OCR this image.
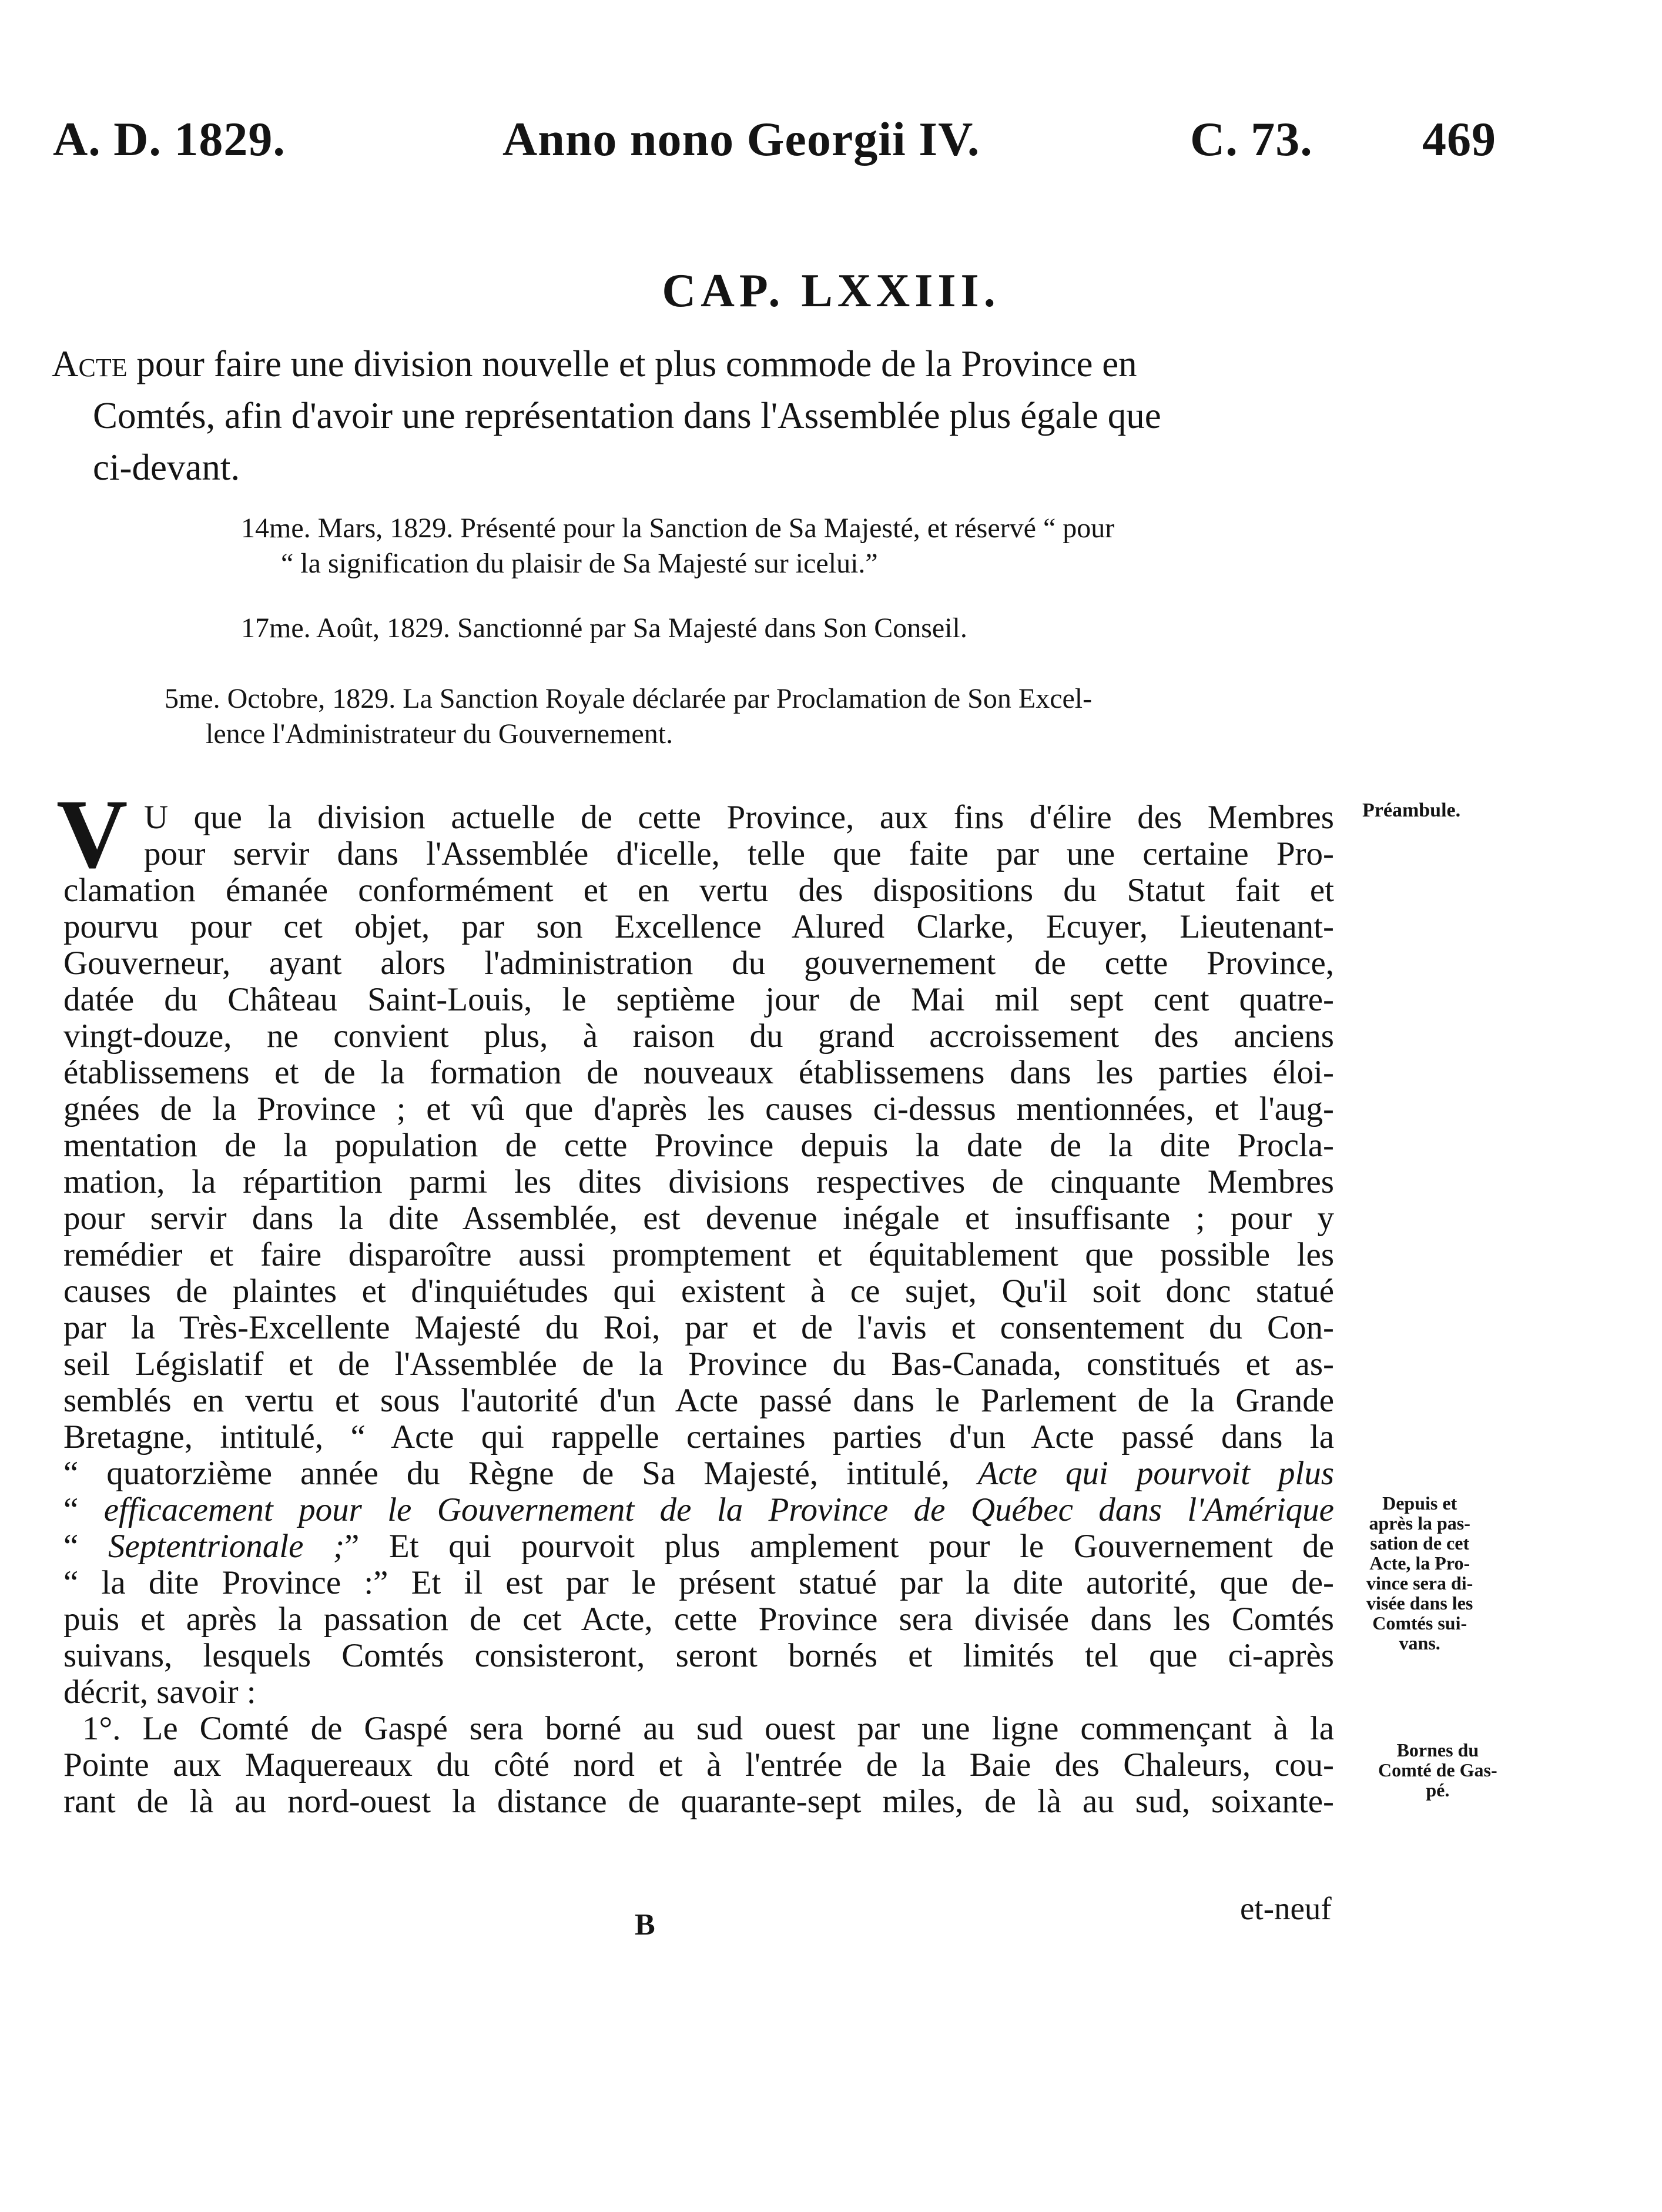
A. D. 1829.	Anno nono Georgii IV.	C. 73. 469
CAP. LXXIII.
Acte pour faire une division nouvelle et plus commode de la Province en
Comtés, afin d'avoir une représentation dans l'Assemblée plus égale que
ci-devant.
14me. Mars, 1829. Présenté pour la Sanction de Sa Majesté, et réservé “ pour
“ la signification du plaisir de Sa Majesté sur icelui.”
17me. Août, 1829. Sanctionné par Sa Majesté dans Son Conseil.
5me. Octobre, 1829. La Sanction Royale déclarée par Proclamation de Son Excel-
lence l'Administrateur du Gouvernement.
V U que la division actuelle de cette Province, aux fins d'élire des Membres

pour servir dans l'Assemblée d'icelle, telle que faite par une certaine Pro-

clamation émanée conformément et en vertu des dispositions du Statut fait et

pourvu pour cet objet, par son Excellence Alured Clarke, Ecuyer, Lieutenant-

Gouverneur, ayant alors l'administration du gouvernement de cette Province,

datée du Château Saint-Louis, le septième jour de Mai mil sept cent quatre-

vingt-douze, ne convient plus, à raison du grand accroissement des anciens

établissemens et de la formation de nouveaux établissemens dans les parties éloi-

gnées de la Province ; et vû que d'après les causes ci-dessus mentionnées, et l'aug-

mentation de la population de cette Province depuis la date de la dite Procla-

mation, la répartition parmi les dites divisions respectives de cinquante Membres

pour servir dans la dite Assemblée, est devenue inégale et insuffisante ; pour y

remédier et faire disparoître aussi promptement et équitablement que possible les

causes de plaintes et d'inquiétudes qui existent à ce sujet, Qu'il soit donc statué

par la Très-Excellente Majesté du Roi, par et de l'avis et consentement du Con-

seil Législatif et de l'Assemblée de la Province du Bas-Canada, constitués et as-

semblés en vertu et sous l'autorité d'un Acte passé dans le Parlement de la Grande

Bretagne, intitulé, “ Acte qui rappelle certaines parties d'un Acte passé dans la

“ quatorzième année du Règne de Sa Majesté, intitulé, Acte qui pourvoit plus

“ efficacement pour le Gouvernement de la Province de Québec dans l'Amérique

“ Septentrionale ;” Et qui pourvoit plus amplement pour le Gouvernement de

“ la dite Province :” Et il est par le présent statué par la dite autorité, que de-

puis et après la passation de cet Acte, cette Province sera divisée dans les Comtés

suivans, lesquels Comtés consisteront, seront bornés et limités tel que ci-après

décrit, savoir :

1°. Le Comté de Gaspé sera borné au sud ouest par une ligne commençant à la

Pointe aux Maquereaux du côté nord et à l'entrée de la Baie des Chaleurs, cou-

rant de là au nord-ouest la distance de quarante-sept miles, de là au sud, soixante-

Préambule.
Depuis et
après la pas-
sation de cet
Acte, la Pro-
vince sera di-
visée dans les
Comtés sui-
vans.
Bornes du
Comté de Gas-
pé.
B	et-neuf
